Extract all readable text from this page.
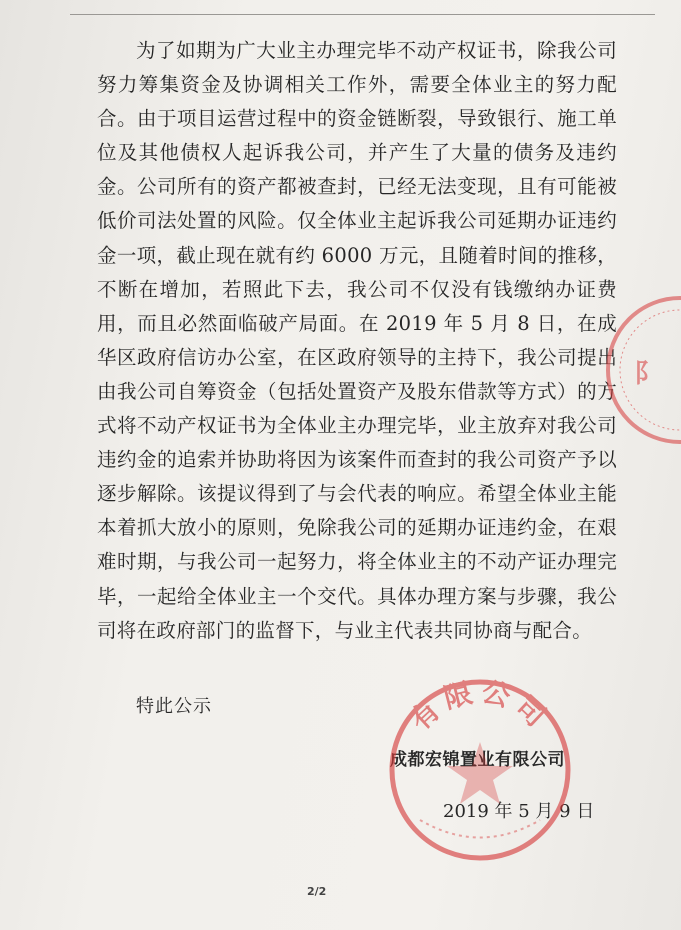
为了如期为广大业主办理完毕不动产权证书，除我公司努力筹集资金及协调相关工作外，需要全体业主的努力配合。由于项目运营过程中的资金链断裂，导致银行、施工单位及其他债权人起诉我公司，并产生了大量的债务及违约金。公司所有的资产都被查封，已经无法变现，且有可能被低价司法处置的风险。仅全体业主起诉我公司延期办证违约金一项，截止现在就有约 6000 万元，且随着时间的推移，不断在增加，若照此下去，我公司不仅没有钱缴纳办证费用，而且必然面临破产局面。在 2019 年 5 月 8 日，在成华区政府信访办公室，在区政府领导的主持下，我公司提出由我公司自筹资金（包括处置资产及股东借款等方式）的方式将不动产权证书为全体业主办理完毕，业主放弃对我公司违约金的追索并协助将因为该案件而查封的我公司资产予以逐步解除。该提议得到了与会代表的响应。希望全体业主能本着抓大放小的原则，免除我公司的延期办证违约金，在艰难时期，与我公司一起努力，将全体业主的不动产证办理完毕，一起给全体业主一个交代。具体办理方案与步骤，我公司将在政府部门的监督下，与业主代表共同协商与配合。

特此公示

成都宏锦置业有限公司

2019 年 5 月 9 日

2/2

有限公司
阝
